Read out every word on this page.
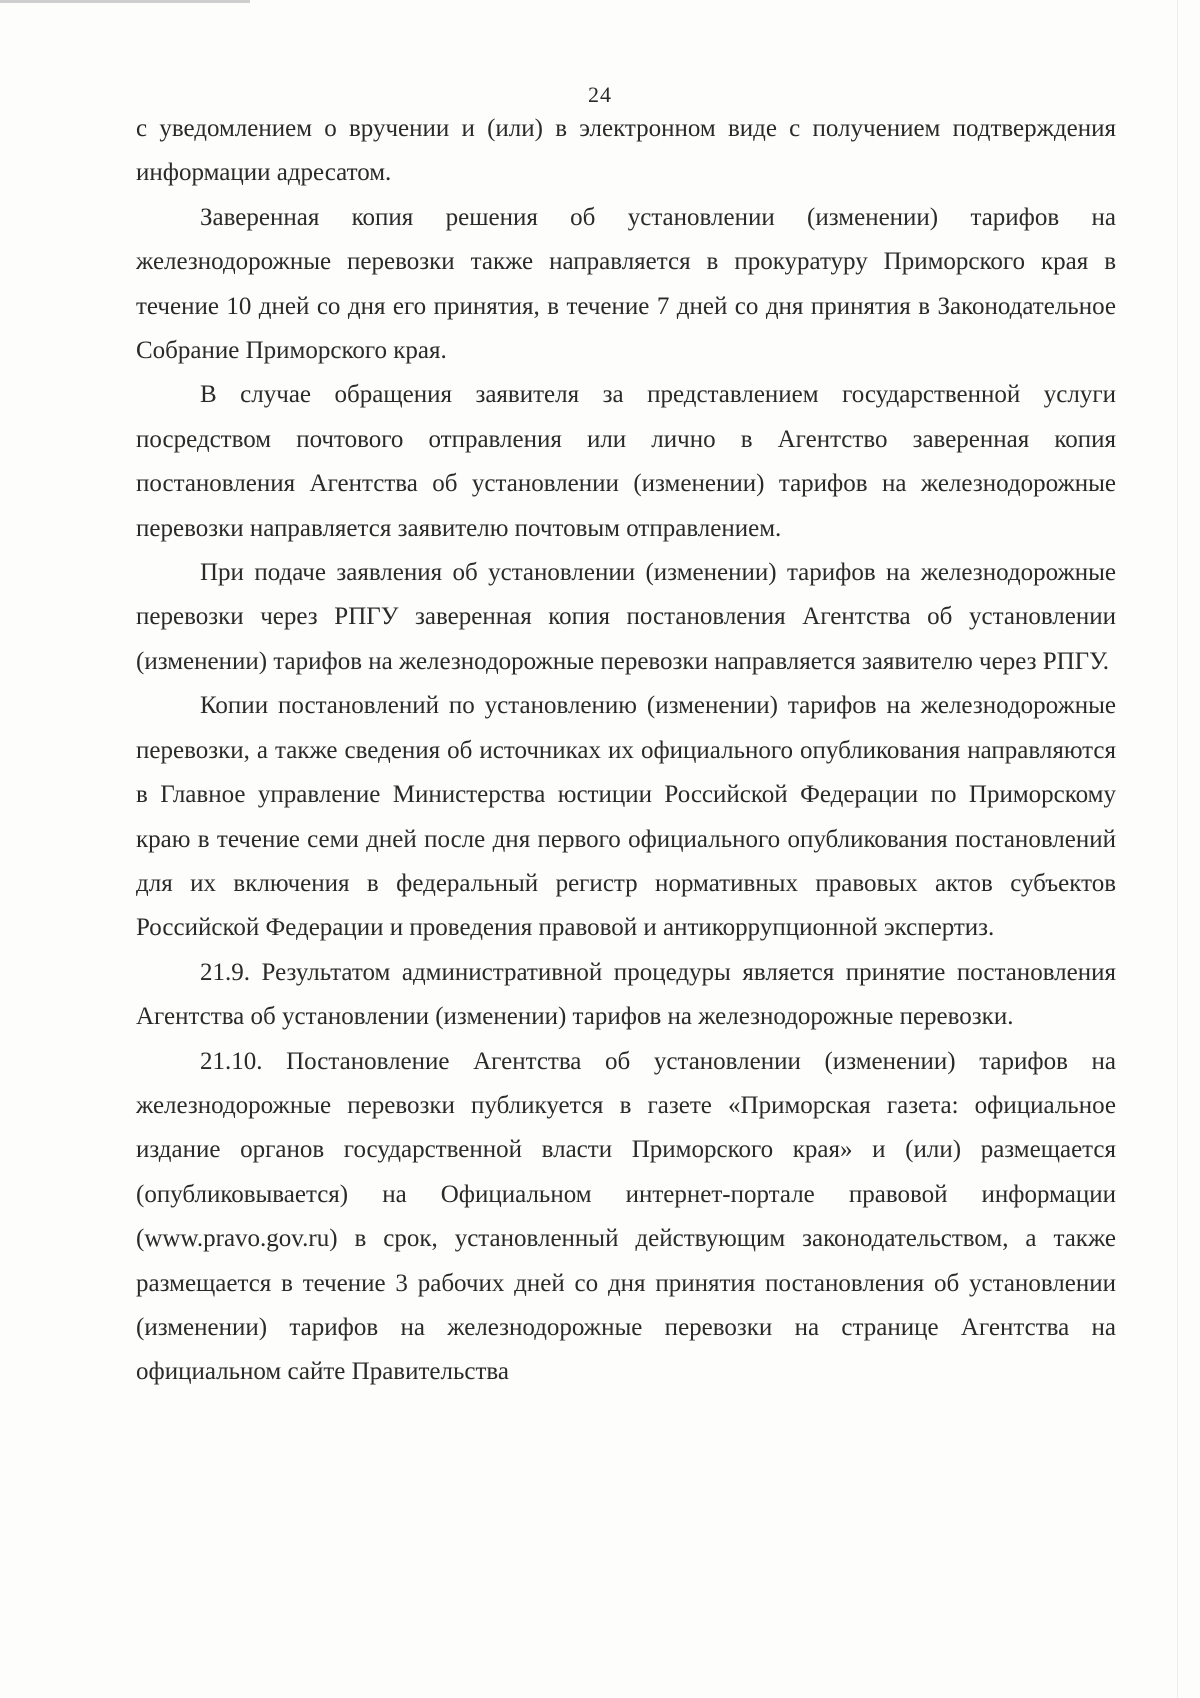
24

с уведомлением о вручении и (или) в электронном виде с получением подтверждения информации адресатом.

Заверенная копия решения об установлении (изменении) тарифов на железнодорожные перевозки также направляется в прокуратуру Приморского края в течение 10 дней со дня его принятия, в течение 7 дней со дня принятия в Законодательное Собрание Приморского края.

В случае обращения заявителя за представлением государственной услуги посредством почтового отправления или лично в Агентство заверенная копия постановления Агентства об установлении (изменении) тарифов на железнодорожные перевозки направляется заявителю почтовым отправлением.

При подаче заявления об установлении (изменении) тарифов на железнодорожные перевозки через РПГУ заверенная копия постановления Агентства об установлении (изменении) тарифов на железнодорожные перевозки направляется заявителю через РПГУ.

Копии постановлений по установлению (изменении) тарифов на железнодорожные перевозки, а также сведения об источниках их официального опубликования направляются в Главное управление Министерства юстиции Российской Федерации по Приморскому краю в течение семи дней после дня первого официального опубликования постановлений для их включения в федеральный регистр нормативных правовых актов субъектов Российской Федерации и проведения правовой и антикоррупционной экспертиз.

21.9. Результатом административной процедуры является принятие постановления Агентства об установлении (изменении) тарифов на железнодорожные перевозки.

21.10. Постановление Агентства об установлении (изменении) тарифов на железнодорожные перевозки публикуется в газете «Приморская газета: официальное издание органов государственной власти Приморского края» и (или) размещается (опубликовывается) на Официальном интернет-портале правовой информации (www.pravo.gov.ru) в срок, установленный действующим законодательством, а также размещается в течение 3 рабочих дней со дня принятия постановления об установлении (изменении) тарифов на железнодорожные перевозки на странице Агентства на официальном сайте Правительства
